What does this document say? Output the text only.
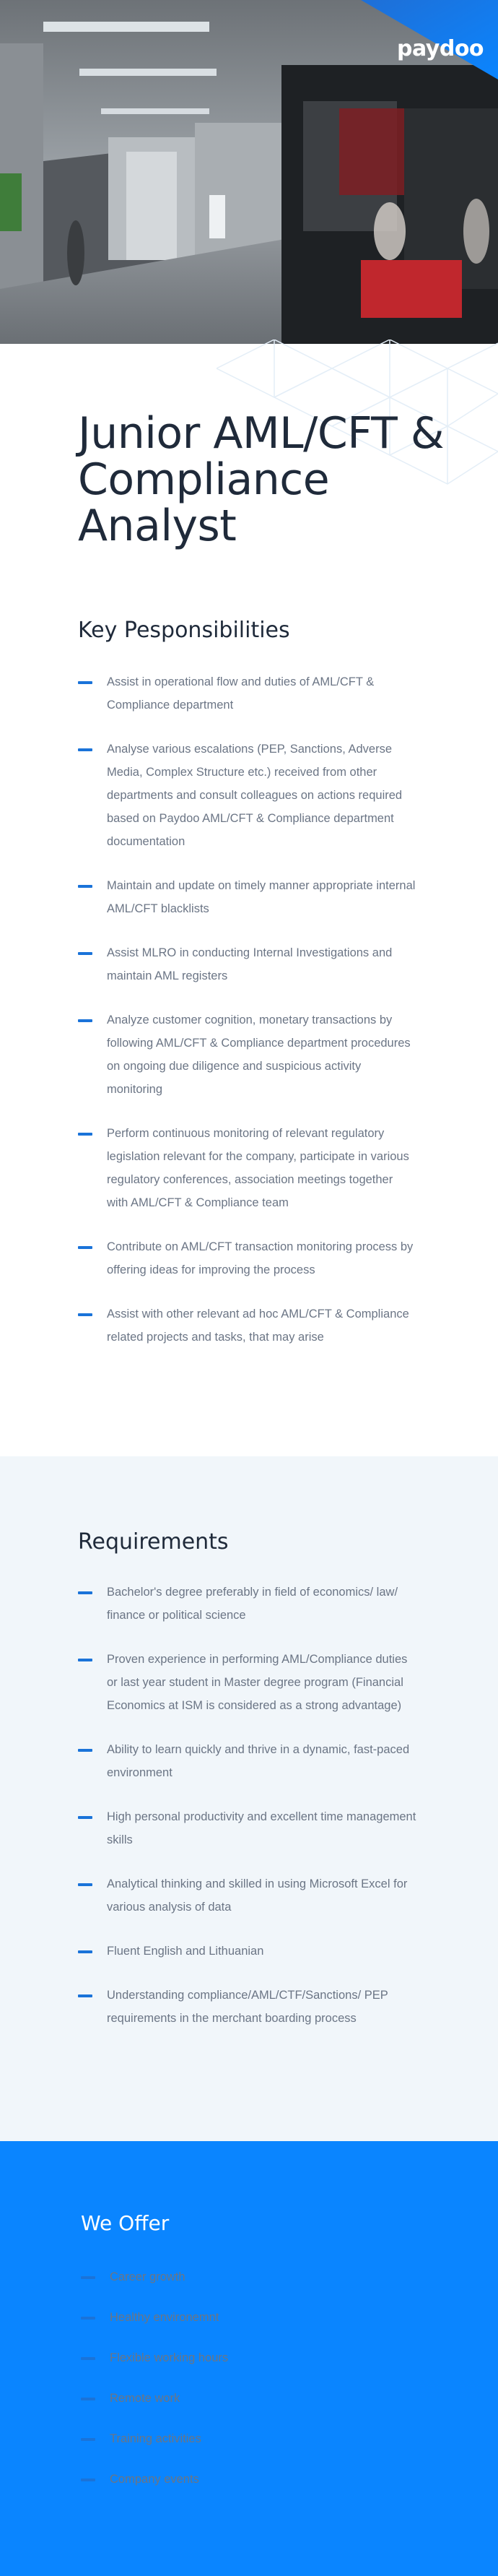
paydoo
Junior AML/CFT & Compliance Analyst
Key Pesponsibilities
Assist in operational flow and duties of AML/CFT & Compliance department
Analyse various escalations (PEP, Sanctions, Adverse Media, Complex Structure etc.) received from other departments and consult colleagues on actions required based on Paydoo AML/CFT & Compliance department documentation
Maintain and update on timely manner appropriate internal AML/CFT blacklists
Assist MLRO in conducting Internal Investigations and maintain AML registers
Analyze customer cognition, monetary transactions by following AML/CFT & Compliance department procedures on ongoing due diligence and suspicious activity monitoring
Perform continuous monitoring of relevant regulatory legislation relevant for the company, participate in various regulatory conferences, association meetings together with AML/CFT & Compliance team
Contribute on AML/CFT transaction monitoring process by offering ideas for improving the process
Assist with other relevant ad hoc AML/CFT & Compliance related projects and tasks, that may arise
Requirements
Bachelor's degree preferably in field of economics/ law/ finance or political science
Proven experience in performing AML/Compliance duties or last year student in Master degree program (Financial Economics at ISM is considered as a strong advantage)
Ability to learn quickly and thrive in a dynamic, fast-paced environment
High personal productivity and excellent time management skills
Analytical thinking and skilled in using Microsoft Excel for various analysis of data
Fluent English and Lithuanian
Understanding compliance/AML/CTF/Sanctions/ PEP requirements in the merchant boarding process
We Offer
Career growth
Healthy environemnt
Flexible working hours
Remote work
Training activities
Company events
